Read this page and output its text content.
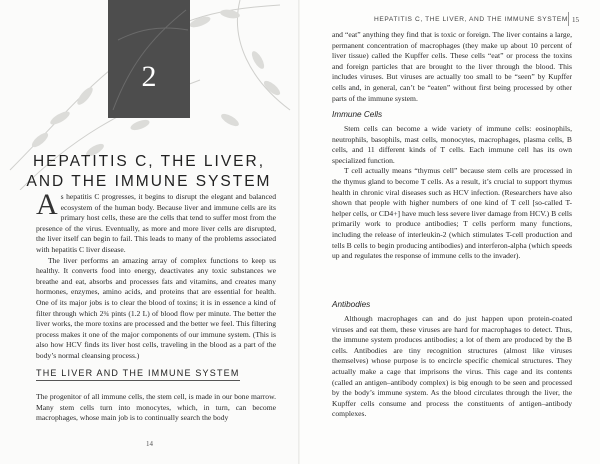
2
HEPATITIS C, THE LIVER,
AND THE IMMUNE SYSTEM

As hepatitis C progresses, it begins to disrupt the elegant and balanced ecosystem of the human body. Because liver and immune cells are its primary host cells, these are the cells that tend to suffer most from the presence of the virus. Eventually, as more and more liver cells are disrupted, the liver itself can begin to fail. This leads to many of the problems associated with hepatitis C liver disease.

The liver performs an amazing array of complex functions to keep us healthy. It converts food into energy, deactivates any toxic substances we breathe and eat, absorbs and processes fats and vitamins, and creates many hormones, enzymes, amino acids, and proteins that are essential for health. One of its major jobs is to clear the blood of toxins; it is in essence a kind of filter through which 2¾ pints (1.2 L) of blood flow per minute. The better the liver works, the more toxins are processed and the better we feel. This filtering process makes it one of the major components of our immune system. (This is also how HCV finds its liver host cells, traveling in the blood as a part of the body’s normal cleansing process.)

THE LIVER AND THE IMMUNE SYSTEM

The progenitor of all immune cells, the stem cell, is made in our bone marrow. Many stem cells turn into monocytes, which, in turn, can become macrophages, whose main job is to continually search the body

14
HEPATITIS C, THE LIVER, AND THE IMMUNE SYSTEM 15

and “eat” anything they find that is toxic or foreign. The liver contains a large, permanent concentration of macrophages (they make up about 10 percent of liver tissue) called the Kupffer cells. These cells “eat” or process the toxins and foreign particles that are brought to the liver through the blood. This includes viruses. But viruses are actually too small to be “seen” by Kupffer cells and, in general, can’t be “eaten” without first being processed by other parts of the immune system.

Immune Cells

Stem cells can become a wide variety of immune cells: eosinophils, neutrophils, basophils, mast cells, monocytes, macrophages, plasma cells, B cells, and 11 different kinds of T cells. Each immune cell has its own specialized function.

T cell actually means “thymus cell” because stem cells are processed in the thymus gland to become T cells. As a result, it’s crucial to support thymus health in chronic viral diseases such as HCV infection. (Researchers have also shown that people with higher numbers of one kind of T cell [so-called T-helper cells, or CD4+] have much less severe liver damage from HCV.) B cells primarily work to produce antibodies; T cells perform many functions, including the release of interleukin-2 (which stimulates T-cell production and tells B cells to begin producing antibodies) and interferon-alpha (which speeds up and regulates the response of immune cells to the invader).

Antibodies

Although macrophages can and do just happen upon protein-coated viruses and eat them, these viruses are hard for macrophages to detect. Thus, the immune system produces antibodies; a lot of them are produced by the B cells. Antibodies are tiny recognition structures (almost like viruses themselves) whose purpose is to encircle specific chemical structures. They actually make a cage that imprisons the virus. This cage and its contents (called an antigen–antibody complex) is big enough to be seen and processed by the body’s immune system. As the blood circulates through the liver, the Kupffer cells consume and process the constituents of antigen–antibody complexes.
